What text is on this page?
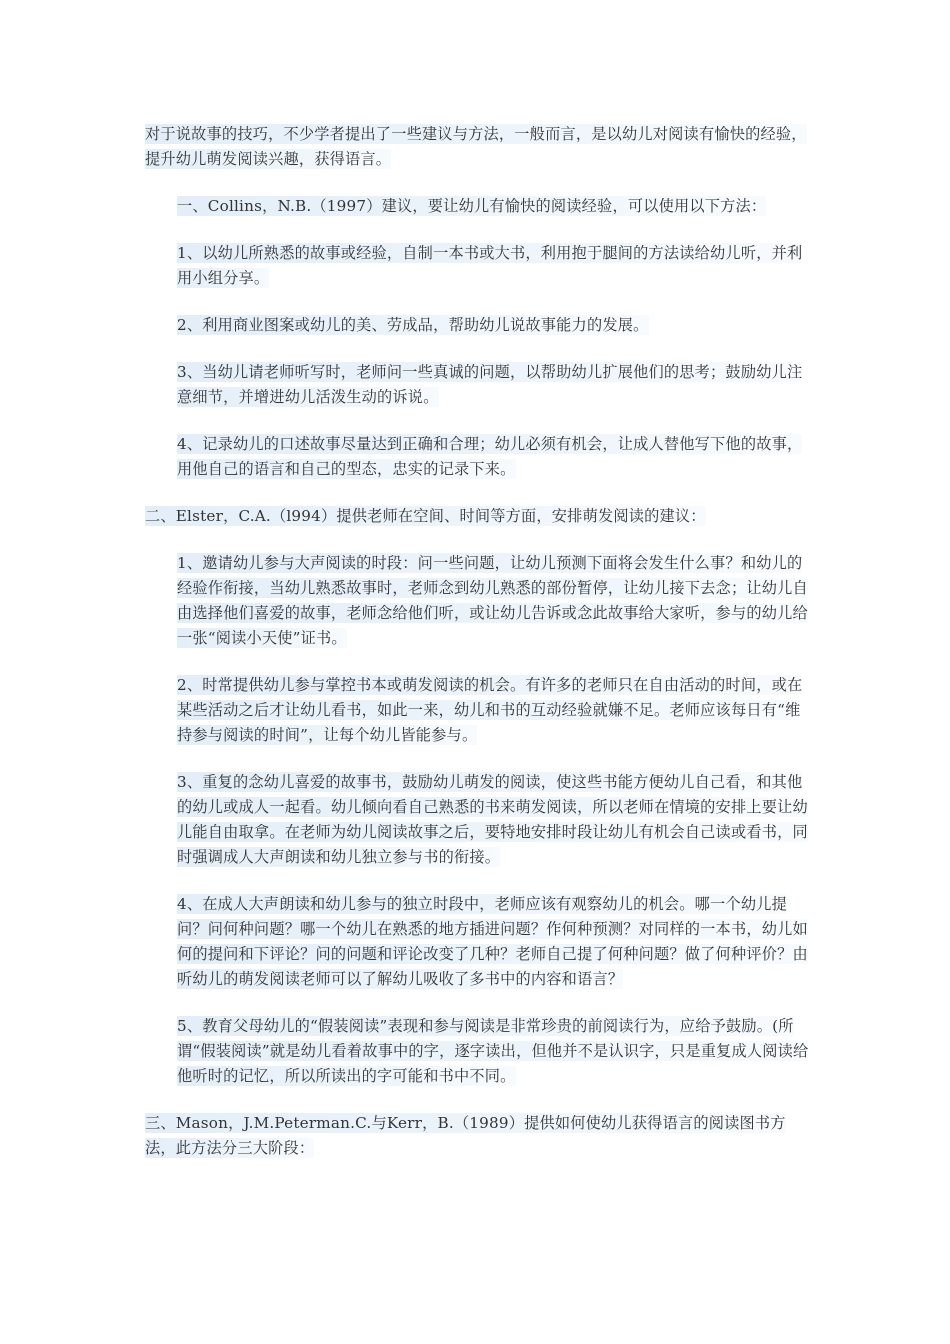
对于说故事的技巧，不少学者提出了一些建议与方法，一般而言，是以幼儿对阅读有愉快的经验，提升幼儿萌发阅读兴趣，获得语言。

一、Collins，N.B.（1997）建议，要让幼儿有愉快的阅读经验，可以使用以下方法：

1、以幼儿所熟悉的故事或经验，自制一本书或大书，利用抱于腿间的方法读给幼儿听，并利用小组分享。

2、利用商业图案或幼儿的美、劳成品，帮助幼儿说故事能力的发展。

3、当幼儿请老师听写时，老师问一些真诚的问题，以帮助幼儿扩展他们的思考；鼓励幼儿注意细节，并增进幼儿活泼生动的诉说。

4、记录幼儿的口述故事尽量达到正确和合理；幼儿必须有机会，让成人替他写下他的故事，用他自己的语言和自己的型态，忠实的记录下来。

二、Elster，C.A.（l994）提供老师在空间、时间等方面，安排萌发阅读的建议：

1、邀请幼儿参与大声阅读的时段：问一些问题，让幼儿预测下面将会发生什么事？和幼儿的经验作衔接，当幼儿熟悉故事时，老师念到幼儿熟悉的部份暂停，让幼儿接下去念；让幼儿自由选择他们喜爱的故事，老师念给他们听，或让幼儿告诉或念此故事给大家听，参与的幼儿给一张“阅读小天使”证书。

2、时常提供幼儿参与掌控书本或萌发阅读的机会。有许多的老师只在自由活动的时间，或在某些活动之后才让幼儿看书，如此一来，幼儿和书的互动经验就嫌不足。老师应该每日有“维持参与阅读的时间”，让每个幼儿皆能参与。

3、重复的念幼儿喜爱的故事书，鼓励幼儿萌发的阅读，使这些书能方便幼儿自己看，和其他的幼儿或成人一起看。幼儿倾向看自己熟悉的书来萌发阅读，所以老师在情境的安排上要让幼儿能自由取拿。在老师为幼儿阅读故事之后，要特地安排时段让幼儿有机会自己读或看书，同时强调成人大声朗读和幼儿独立参与书的衔接。

4、在成人大声朗读和幼儿参与的独立时段中，老师应该有观察幼儿的机会。哪一个幼儿提问？问何种问题？哪一个幼儿在熟悉的地方插进问题？作何种预测？对同样的一本书，幼儿如何的提问和下评论？问的问题和评论改变了几种？老师自己提了何种问题？做了何种评价？由听幼儿的萌发阅读老师可以了解幼儿吸收了多书中的内容和语言？

5、教育父母幼儿的“假装阅读”表现和参与阅读是非常珍贵的前阅读行为，应给予鼓励。(所谓“假装阅读”就是幼儿看着故事中的字，逐字读出，但他并不是认识字，只是重复成人阅读给他听时的记忆，所以所读出的字可能和书中不同。

三、Mason，J.M.Peterman.C.与Kerr，B.（1989）提供如何使幼儿获得语言的阅读图书方法，此方法分三大阶段：
